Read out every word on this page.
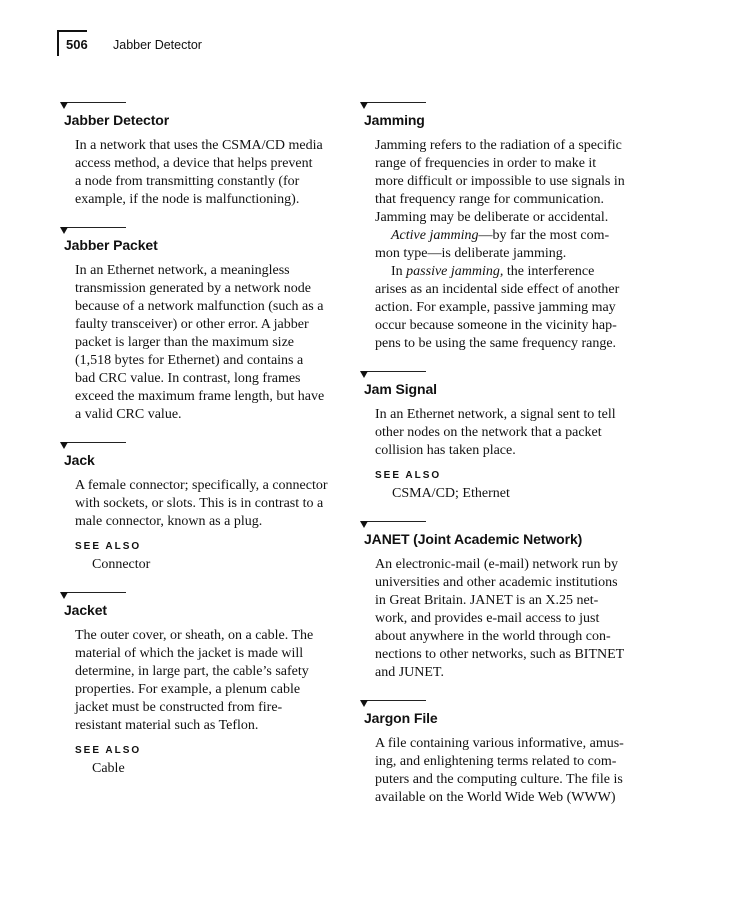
506 Jabber Detector
Jabber Detector
In a network that uses the CSMA/CD media
access method, a device that helps prevent
a node from transmitting constantly (for
example, if the node is malfunctioning).
Jabber Packet
In an Ethernet network, a meaningless
transmission generated by a network node
because of a network malfunction (such as a
faulty transceiver) or other error. A jabber
packet is larger than the maximum size
(1,518 bytes for Ethernet) and contains a
bad CRC value. In contrast, long frames
exceed the maximum frame length, but have
a valid CRC value.
Jack
A female connector; specifically, a connector
with sockets, or slots. This is in contrast to a
male connector, known as a plug.
SEE ALSO
Connector
Jacket
The outer cover, or sheath, on a cable. The
material of which the jacket is made will
determine, in large part, the cable’s safety
properties. For example, a plenum cable
jacket must be constructed from fire-
resistant material such as Teflon.
SEE ALSO
Cable
Jamming
Jamming refers to the radiation of a specific
range of frequencies in order to make it
more difficult or impossible to use signals in
that frequency range for communication.
Jamming may be deliberate or accidental.
Active jamming—by far the most com-
mon type—is deliberate jamming.
In passive jamming, the interference
arises as an incidental side effect of another
action. For example, passive jamming may
occur because someone in the vicinity hap-
pens to be using the same frequency range.
Jam Signal
In an Ethernet network, a signal sent to tell
other nodes on the network that a packet
collision has taken place.
SEE ALSO
CSMA/CD; Ethernet
JANET (Joint Academic Network)
An electronic-mail (e-mail) network run by
universities and other academic institutions
in Great Britain. JANET is an X.25 net-
work, and provides e-mail access to just
about anywhere in the world through con-
nections to other networks, such as BITNET
and JUNET.
Jargon File
A file containing various informative, amus-
ing, and enlightening terms related to com-
puters and the computing culture. The file is
available on the World Wide Web (WWW)
